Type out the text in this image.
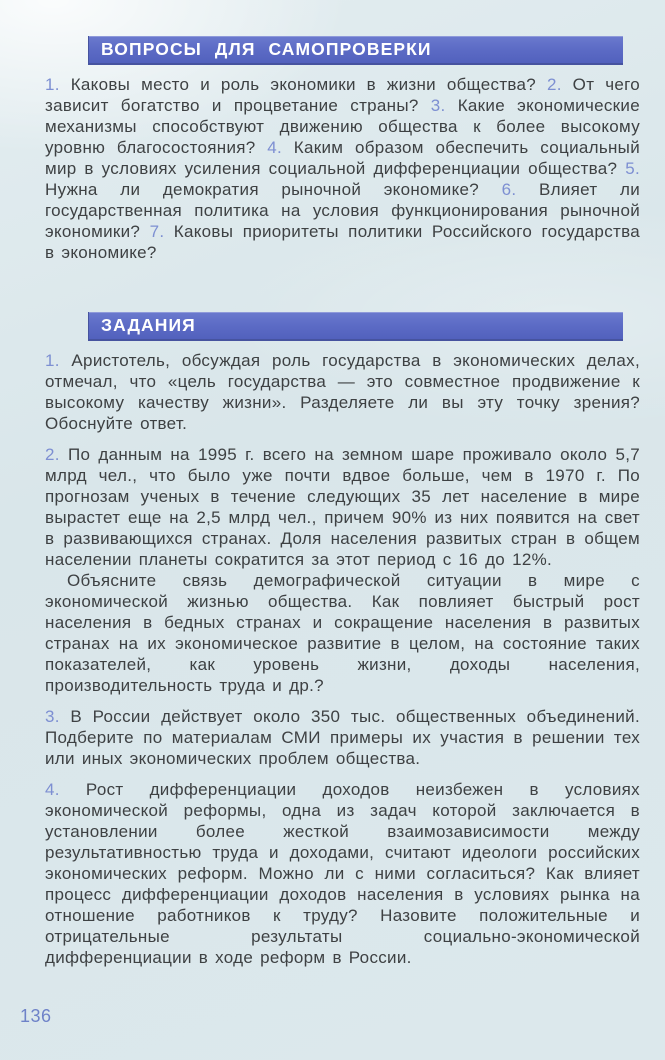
ВОПРОСЫ ДЛЯ САМОПРОВЕРКИ

1. Каковы место и роль экономики в жизни общества? 2. От чего зависит богатство и процветание страны? 3. Какие экономические механизмы способствуют движению общества к более высокому уровню благосостояния? 4. Каким образом обеспечить социальный мир в условиях усиления социальной дифференциации общества? 5. Нужна ли демократия рыночной экономике? 6. Влияет ли государственная политика на условия функционирования рыночной экономики? 7. Каковы приоритеты политики Российского государства в экономике?

ЗАДАНИЯ

1. Аристотель, обсуждая роль государства в экономических делах, отмечал, что «цель государства — это совместное продвижение к высокому качеству жизни». Разделяете ли вы эту точку зрения? Обоснуйте ответ.

2. По данным на 1995 г. всего на земном шаре проживало около 5,7 млрд чел., что было уже почти вдвое больше, чем в 1970 г. По прогнозам ученых в течение следующих 35 лет население в мире вырастет еще на 2,5 млрд чел., причем 90% из них появится на свет в развивающихся странах. Доля населения развитых стран в общем населении планеты сократится за этот период с 16 до 12%.

Объясните связь демографической ситуации в мире с экономической жизнью общества. Как повлияет быстрый рост населения в бедных странах и сокращение населения в развитых странах на их экономическое развитие в целом, на состояние таких показателей, как уровень жизни, доходы населения, производительность труда и др.?

3. В России действует около 350 тыс. общественных объединений. Подберите по материалам СМИ примеры их участия в решении тех или иных экономических проблем общества.

4. Рост дифференциации доходов неизбежен в условиях экономической реформы, одна из задач которой заключается в установлении более жесткой взаимозависимости между результативностью труда и доходами, считают идеологи российских экономических реформ. Можно ли с ними согласиться? Как влияет процесс дифференциации доходов населения в условиях рынка на отношение работников к труду? Назовите положительные и отрицательные результаты социально-экономической дифференциации в ходе реформ в России.

136
